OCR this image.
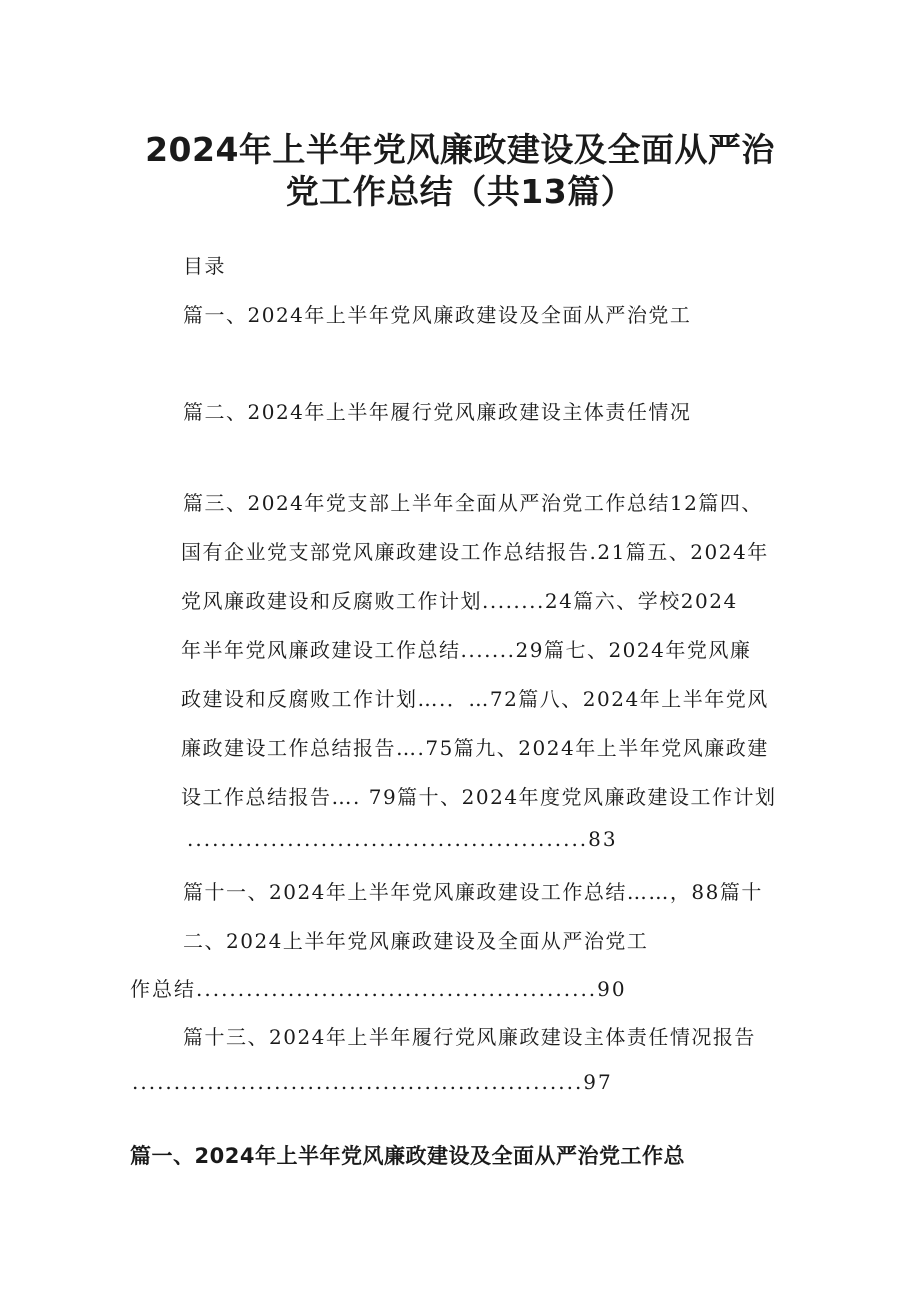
2024年上半年党风廉政建设及全面从严治
党工作总结（共13篇）
目录
篇一、2024年上半年党风廉政建设及全面从严治党工
篇二、2024年上半年履行党风廉政建设主体责任情况
篇三、2024年党支部上半年全面从严治党工作总结12篇四、
国有企业党支部党风廉政建设工作总结报告.21篇五、2024年
党风廉政建设和反腐败工作计划........24篇六、学校2024
年半年党风廉政建设工作总结.......29篇七、2024年党风廉
政建设和反腐败工作计划….．…72篇八、2024年上半年党风
廉政建设工作总结报告….75篇九、2024年上半年党风廉政建
设工作总结报告…. 79篇十、2024年度党风廉政建设工作计划
................................................83
篇十一、2024年上半年党风廉政建设工作总结……，88篇十
二、2024上半年党风廉政建设及全面从严治党工
作总结................................................90
篇十三、2024年上半年履行党风廉政建设主体责任情况报告
......................................................97
篇一、2024年上半年党风廉政建设及全面从严治党工作总
